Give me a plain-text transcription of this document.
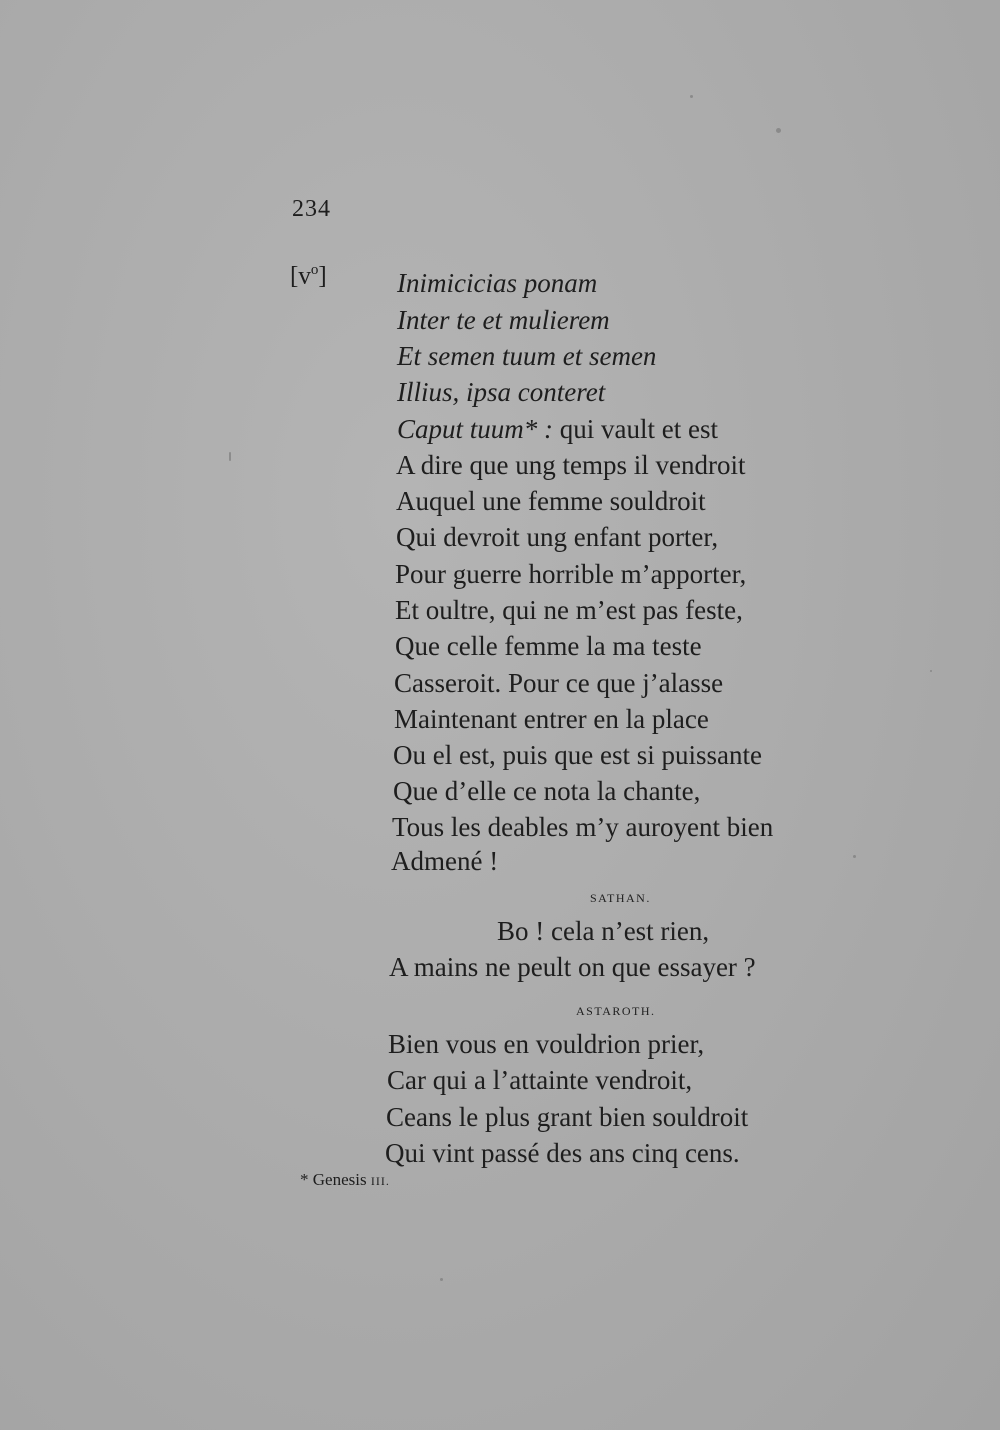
234
$[v^o]$	Inimicicias ponam
Inter te et mulierem
Et semen tuum et semen
Illius, ipsa conteret
Caput tuum* : qui vault et est
A dire que ung temps il vendroit
Auquel une femme souldroit
Qui devroit ung enfant porter,
Pour guerre horrible m’apporter,
Et oultre, qui ne m’est pas feste,
Que celle femme la ma teste
Casseroit. Pour ce que j’alasse
Maintenant entrer en la place
Ou el est, puis que est si puissante
Que d’elle ce nota la chante,
Tous les deables m’y auroyent bien
Admené !
SATHAN.
Bo ! cela n’est rien,
A mains ne peult on que essayer ?
ASTAROTH.
Bien vous en vouldrion prier,
Car qui a l’attainte vendroit,
Ceans le plus grant bien souldroit
Qui vint passé des ans cinq cens.
* Genesis III.
